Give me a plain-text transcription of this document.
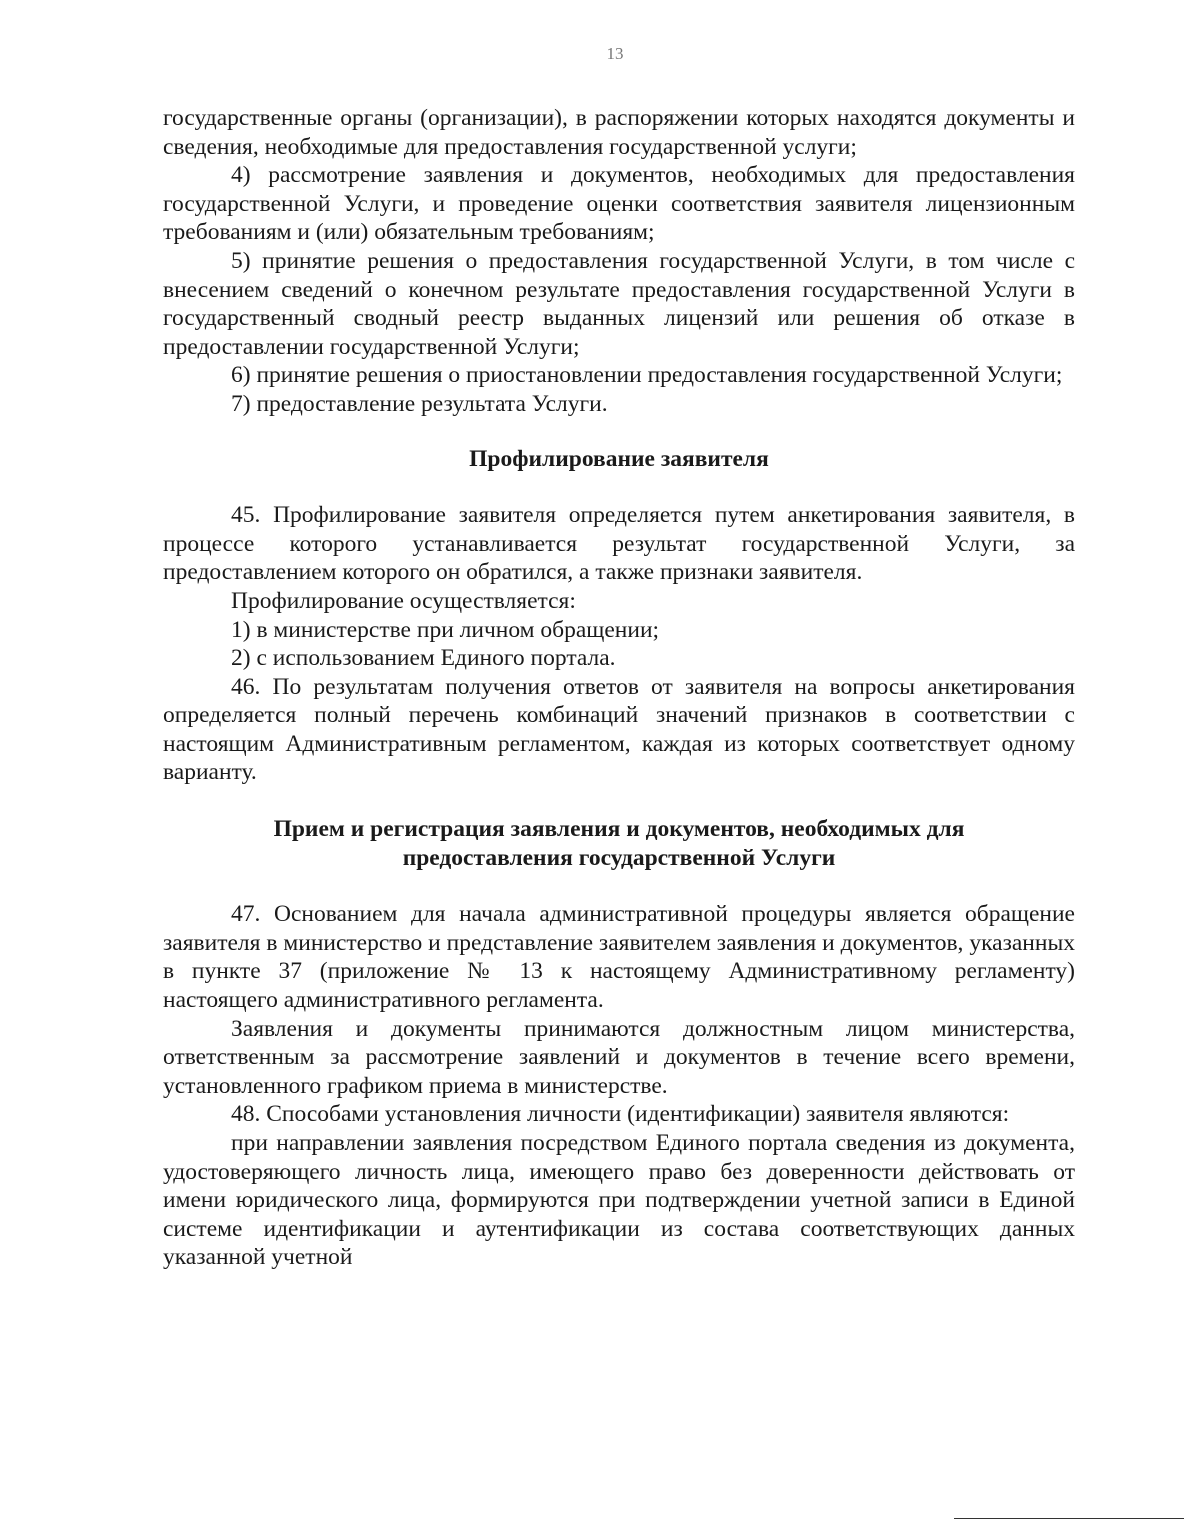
13

государственные органы (организации), в распоряжении которых находятся документы и сведения, необходимые для предоставления государственной услуги;

4) рассмотрение заявления и документов, необходимых для предоставления государственной Услуги, и проведение оценки соответствия заявителя лицензионным требованиям и (или) обязательным требованиям;

5) принятие решения о предоставления государственной Услуги, в том числе с внесением сведений о конечном результате предоставления государственной Услуги в государственный сводный реестр выданных лицензий или решения об отказе в предоставлении государственной Услуги;

6) принятие решения о приостановлении предоставления государственной Услуги;

7) предоставление результата Услуги.

Профилирование заявителя

45. Профилирование заявителя определяется путем анкетирования заявителя, в процессе которого устанавливается результат государственной Услуги, за предоставлением которого он обратился, а также признаки заявителя.

Профилирование осуществляется:

1) в министерстве при личном обращении;

2) с использованием Единого портала.

46. По результатам получения ответов от заявителя на вопросы анкетирования определяется полный перечень комбинаций значений признаков в соответствии с настоящим Административным регламентом, каждая из которых соответствует одному варианту.

Прием и регистрация заявления и документов, необходимых для
предоставления государственной Услуги

47. Основанием для начала административной процедуры является обращение заявителя в министерство и представление заявителем заявления и документов, указанных в пункте 37 (приложение № 13 к настоящему Административному регламенту) настоящего административного регламента.

Заявления и документы принимаются должностным лицом министерства, ответственным за рассмотрение заявлений и документов в течение всего времени, установленного графиком приема в министерстве.

48. Способами установления личности (идентификации) заявителя являются:

при направлении заявления посредством Единого портала сведения из документа, удостоверяющего личность лица, имеющего право без доверенности действовать от имени юридического лица, формируются при подтверждении учетной записи в Единой системе идентификации и аутентификации из состава соответствующих данных указанной учетной
